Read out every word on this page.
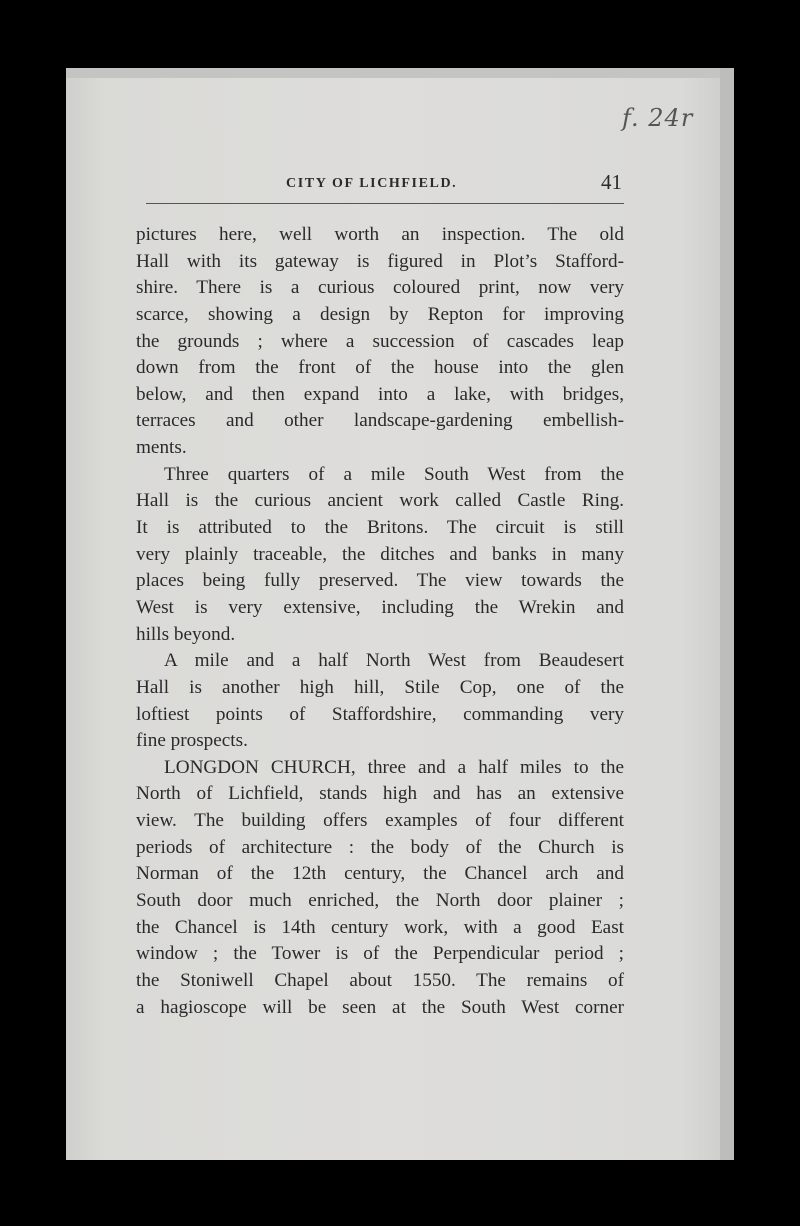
f. 24r
CITY OF LICHFIELD.	41
pictures here, well worth an inspection. The old
Hall with its gateway is figured in Plot’s Stafford-
shire. There is a curious coloured print, now very
scarce, showing a design by Repton for improving
the grounds ; where a succession of cascades leap
down from the front of the house into the glen
below, and then expand into a lake, with bridges,
terraces and other landscape-gardening embellish-
ments.
Three quarters of a mile South West from the
Hall is the curious ancient work called Castle Ring.
It is attributed to the Britons. The circuit is still
very plainly traceable, the ditches and banks in many
places being fully preserved. The view towards the
West is very extensive, including the Wrekin and
hills beyond.
A mile and a half North West from Beaudesert
Hall is another high hill, Stile Cop, one of the
loftiest points of Staffordshire, commanding very
fine prospects.
LONGDON CHURCH, three and a half miles to the
North of Lichfield, stands high and has an extensive
view. The building offers examples of four different
periods of architecture : the body of the Church is
Norman of the 12th century, the Chancel arch and
South door much enriched, the North door plainer ;
the Chancel is 14th century work, with a good East
window ; the Tower is of the Perpendicular period ;
the Stoniwell Chapel about 1550. The remains of
a hagioscope will be seen at the South West corner
